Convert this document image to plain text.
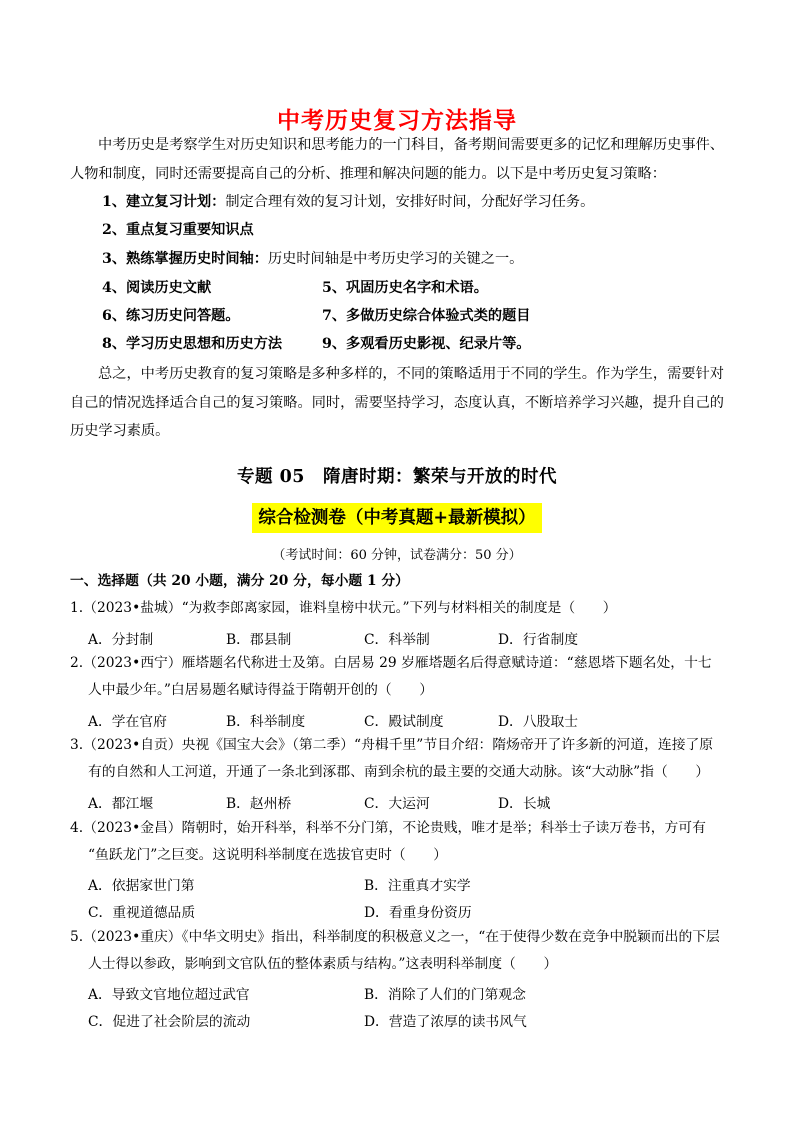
中考历史复习方法指导
中考历史是考察学生对历史知识和思考能力的一门科目，备考期间需要更多的记忆和理解历史事件、人物和制度，同时还需要提高自己的分析、推理和解决问题的能力。以下是中考历史复习策略：
1、建立复习计划：制定合理有效的复习计划，安排好时间，分配好学习任务。
2、重点复习重要知识点
3、熟练掌握历史时间轴：历史时间轴是中考历史学习的关键之一。
4、阅读历史文献	5、巩固历史名字和术语。
6、练习历史问答题。	7、多做历史综合体验式类的题目
8、学习历史思想和历史方法	9、多观看历史影视、纪录片等。
总之，中考历史教育的复习策略是多种多样的，不同的策略适用于不同的学生。作为学生，需要针对自己的情况选择适合自己的复习策略。同时，需要坚持学习，态度认真，不断培养学习兴趣，提升自己的历史学习素质。
专题 05　隋唐时期：繁荣与开放的时代
综合检测卷（中考真题+最新模拟）
（考试时间：60 分钟，试卷满分：50 分）
一、选择题（共 20 小题，满分 20 分，每小题 1 分）
1.（2023•盐城）“为救李郎离家园，谁料皇榜中状元。”下列与材料相关的制度是（　　）
A．分封制	B．郡县制	C．科举制	D．行省制度
2.（2023•西宁）雁塔题名代称进士及第。白居易 29 岁雁塔题名后得意赋诗道：“慈恩塔下题名处，十七
人中最少年。”白居易题名赋诗得益于隋朝开创的（　　）
A．学在官府	B．科举制度	C．殿试制度	D．八股取士
3.（2023•自贡）央视《国宝大会》（第二季）“舟楫千里”节目介绍：隋炀帝开了许多新的河道，连接了原
有的自然和人工河道，开通了一条北到涿郡、南到余杭的最主要的交通大动脉。该“大动脉”指（　　）
A．都江堰	B．赵州桥	C．大运河	D．长城
4.（2023•金昌）隋朝时，始开科举，科举不分门第，不论贵贱，唯才是举；科举士子读万卷书，方可有
“鱼跃龙门”之巨变。这说明科举制度在选拔官吏时（　　）
A．依据家世门第	B．注重真才实学
C．重视道德品质	D．看重身份资历
5.（2023•重庆）《中华文明史》指出，科举制度的积极意义之一，“在于使得少数在竞争中脱颖而出的下层
人士得以参政，影响到文官队伍的整体素质与结构。”这表明科举制度（　　）
A．导致文官地位超过武官	B．消除了人们的门第观念
C．促进了社会阶层的流动	D．营造了浓厚的读书风气
